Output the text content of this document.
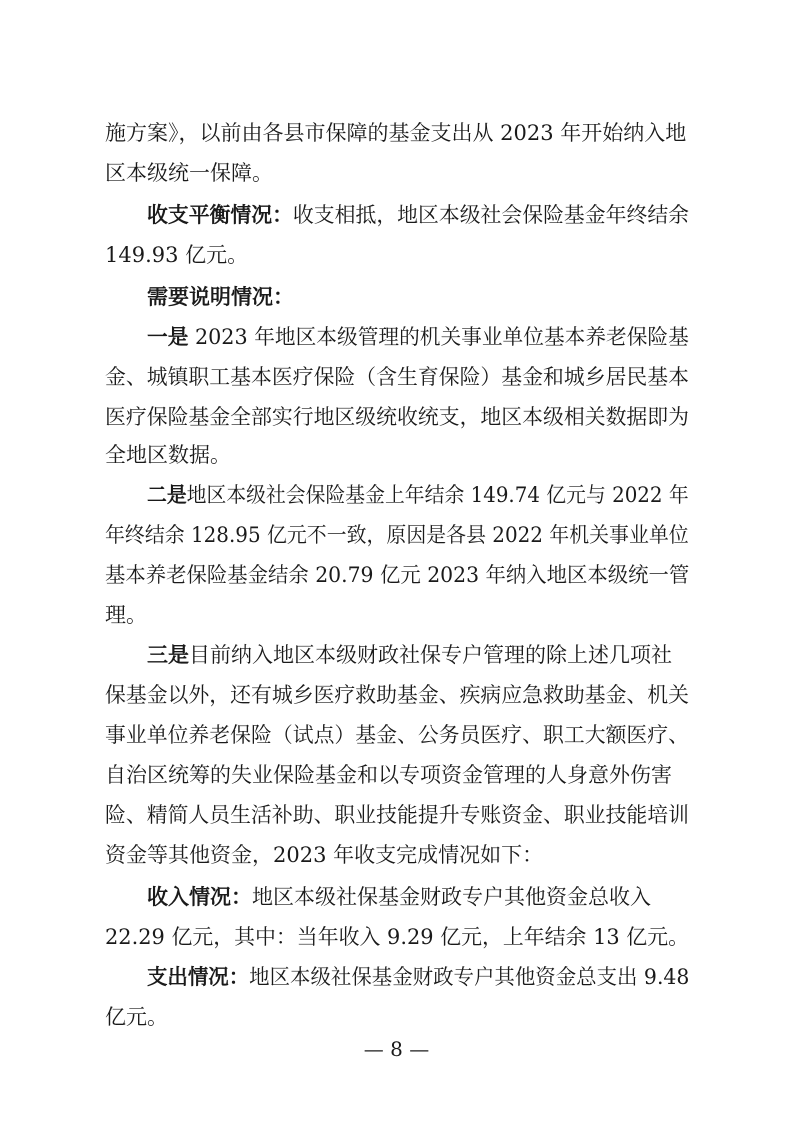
施方案》，以前由各县市保障的基金支出从 2023 年开始纳入地
区本级统一保障。
收支平衡情况：收支相抵，地区本级社会保险基金年终结余
149.93 亿元。
需要说明情况：
一是 2023 年地区本级管理的机关事业单位基本养老保险基
金、城镇职工基本医疗保险（含生育保险）基金和城乡居民基本
医疗保险基金全部实行地区级统收统支，地区本级相关数据即为
全地区数据。
二是地区本级社会保险基金上年结余 149.74 亿元与 2022 年
年终结余 128.95 亿元不一致，原因是各县 2022 年机关事业单位
基本养老保险基金结余 20.79 亿元 2023 年纳入地区本级统一管
理。
三是目前纳入地区本级财政社保专户管理的除上述几项社
保基金以外，还有城乡医疗救助基金、疾病应急救助基金、机关
事业单位养老保险（试点）基金、公务员医疗、职工大额医疗、
自治区统筹的失业保险基金和以专项资金管理的人身意外伤害
险、精简人员生活补助、职业技能提升专账资金、职业技能培训
资金等其他资金，2023 年收支完成情况如下：
收入情况：地区本级社保基金财政专户其他资金总收入
22.29 亿元，其中：当年收入 9.29 亿元，上年结余 13 亿元。
支出情况：地区本级社保基金财政专户其他资金总支出 9.48
亿元。
— 8 —
